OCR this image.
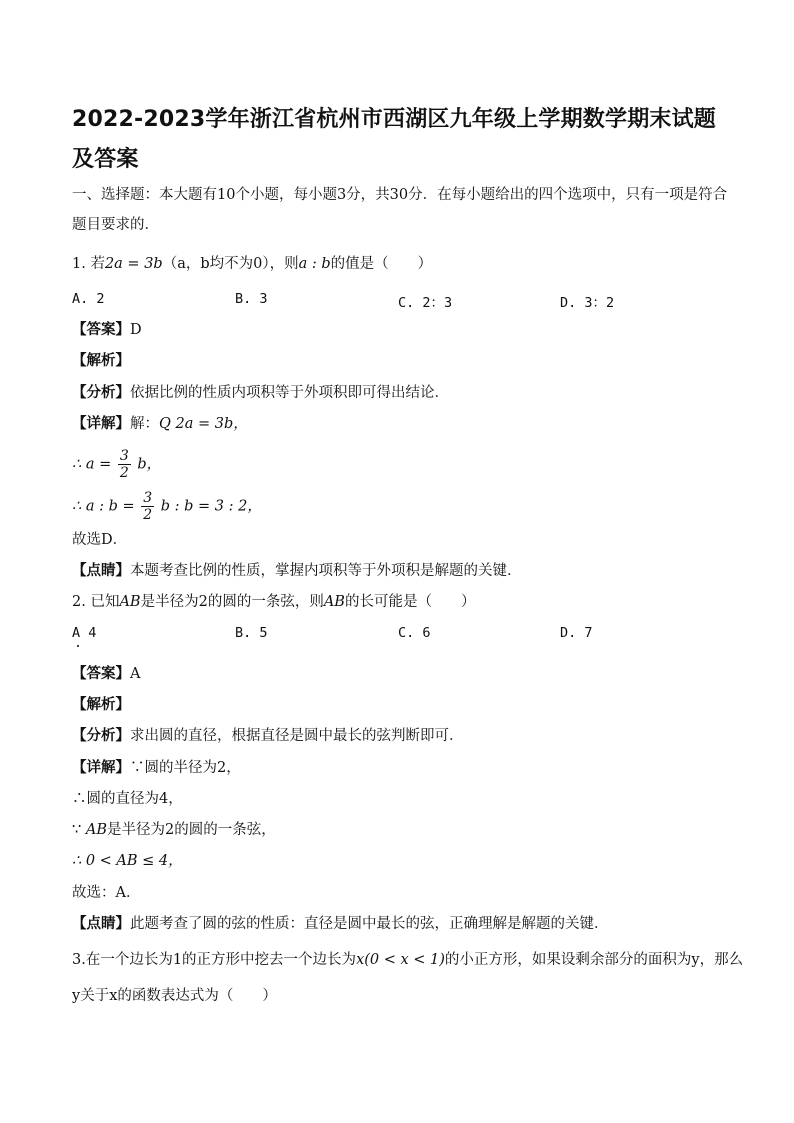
2022-2023学年浙江省杭州市西湖区九年级上学期数学期末试题及答案
一、选择题：本大题有10个小题，每小题3分，共30分．在每小题给出的四个选项中，只有一项是符合题目要求的．
1. 若2a = 3b（a，b均不为0），则a : b的值是（　　）
A. 2	B. 3	C. 2：3	D. 3：2
【答案】D
【解析】
【分析】依据比例的性质内项积等于外项积即可得出结论．
【详解】解：Q 2a = 3b，
∴ $a = \frac{3}{2}$ b，
∴ a : $b = \frac{3}{2}$ b : b = 3 : 2，
故选D．
【点睛】本题考查比例的性质，掌握内项积等于外项积是解题的关键．
2. 已知AB是半径为2的圆的一条弦，则AB的长可能是（　　）
A 4	B. 5	C. 6	D. 7
【答案】A
【解析】
【分析】求出圆的直径，根据直径是圆中最长的弦判断即可．
【详解】∵圆的半径为2，
∴圆的直径为4，
∵ AB是半径为2的圆的一条弦，
∴ 0 < AB ≤ 4，
故选：A．
【点睛】此题考查了圆的弦的性质：直径是圆中最长的弦，正确理解是解题的关键．
3.在一个边长为1的正方形中挖去一个边长为x(0 < x < 1)的小正方形，如果设剩余部分的面积为y，那么
y关于x的函数表达式为（　　）
